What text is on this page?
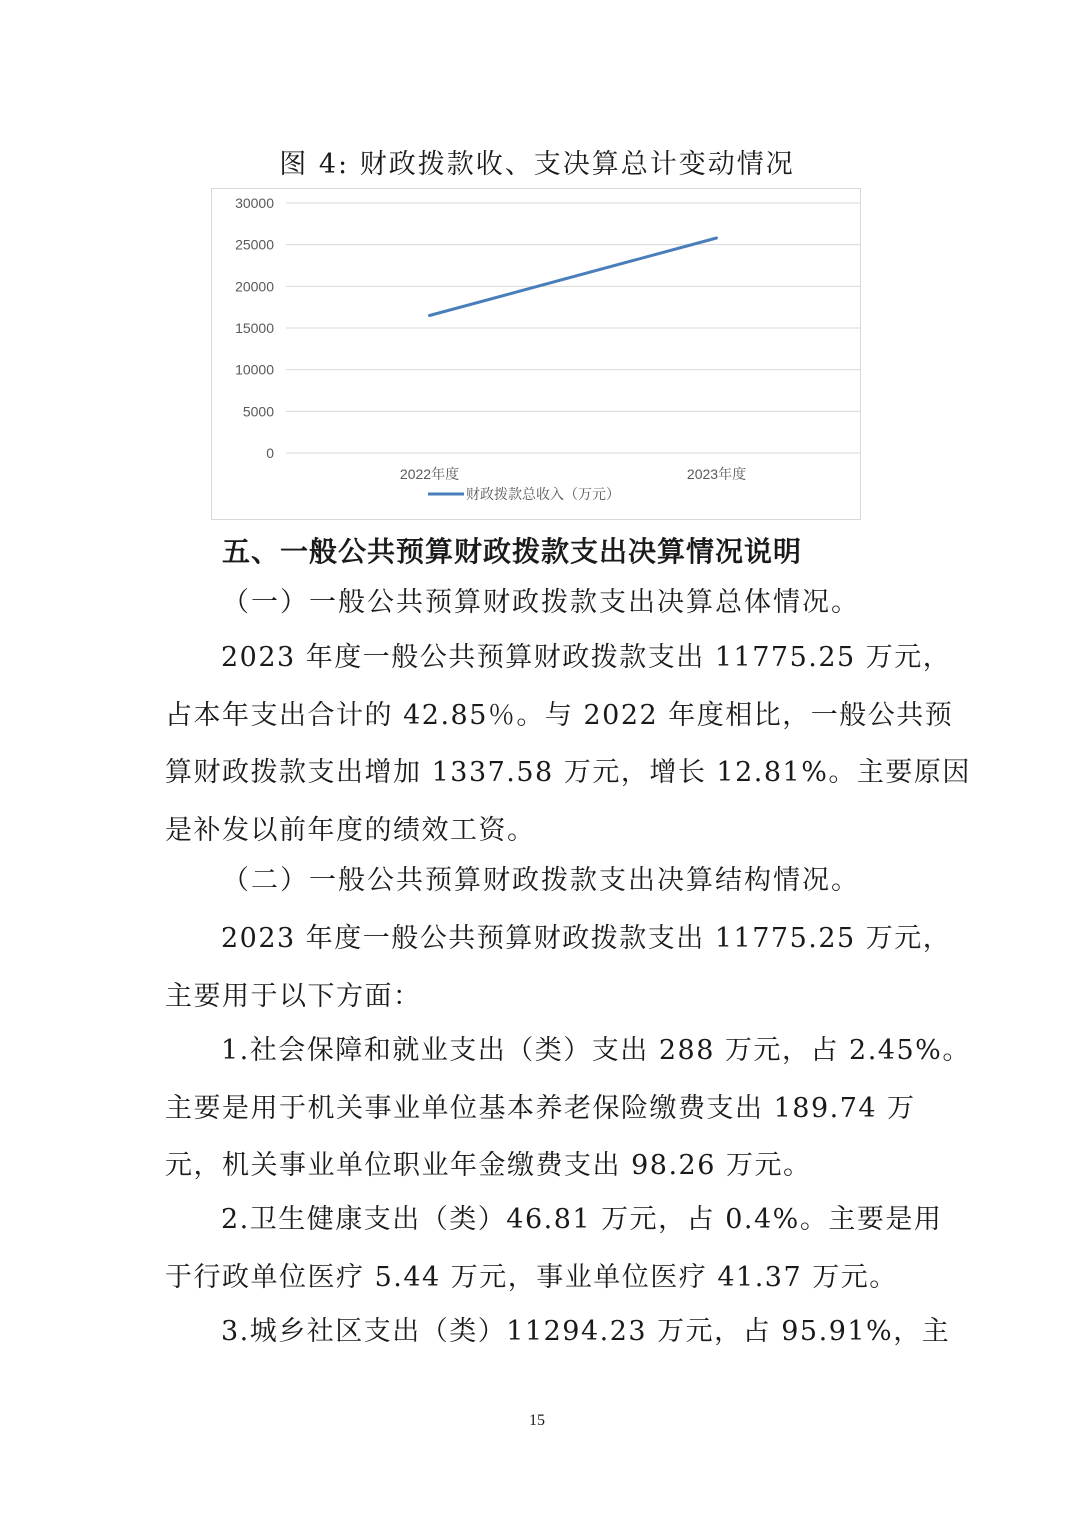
图 4: 财政拨款收、支决算总计变动情况
30000
25000
20000
15000
10000
5000
0
2022年度	2023年度
财政拨款总收入（万元）
五、一般公共预算财政拨款支出决算情况说明
（一）一般公共预算财政拨款支出决算总体情况。
2023 年度一般公共预算财政拨款支出 11775.25 万元，
占本年支出合计的 42.85％。与 2022 年度相比，一般公共预
算财政拨款支出增加 1337.58 万元，增长 12.81%。主要原因
是补发以前年度的绩效工资。
（二）一般公共预算财政拨款支出决算结构情况。
2023 年度一般公共预算财政拨款支出 11775.25 万元，
主要用于以下方面：
1.社会保障和就业支出（类）支出 288 万元，占 2.45%。
主要是用于机关事业单位基本养老保险缴费支出 189.74 万
元，机关事业单位职业年金缴费支出 98.26 万元。
2.卫生健康支出（类）46.81 万元，占 0.4%。主要是用
于行政单位医疗 5.44 万元，事业单位医疗 41.37 万元。
3.城乡社区支出（类）11294.23 万元，占 95.91%，主
15
